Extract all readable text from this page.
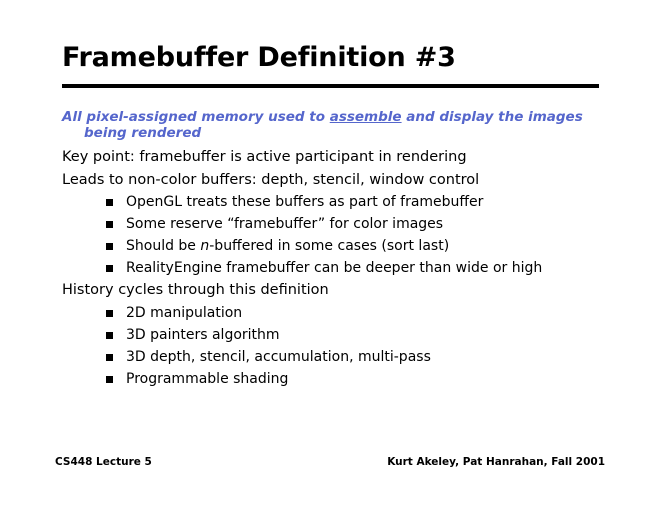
Framebuffer Definition #3
All pixel-assigned memory used to assemble and display the images
being rendered

Key point: framebuffer is active participant in rendering

Leads to non-color buffers: depth, stencil, window control

OpenGL treats these buffers as part of framebuffer

Some reserve “framebuffer” for color images

Should be n-buffered in some cases (sort last)

RealityEngine framebuffer can be deeper than wide or high

History cycles through this definition

2D manipulation

3D painters algorithm

3D depth, stencil, accumulation, multi-pass

Programmable shading

CS448 Lecture 5	Kurt Akeley, Pat Hanrahan, Fall 2001
